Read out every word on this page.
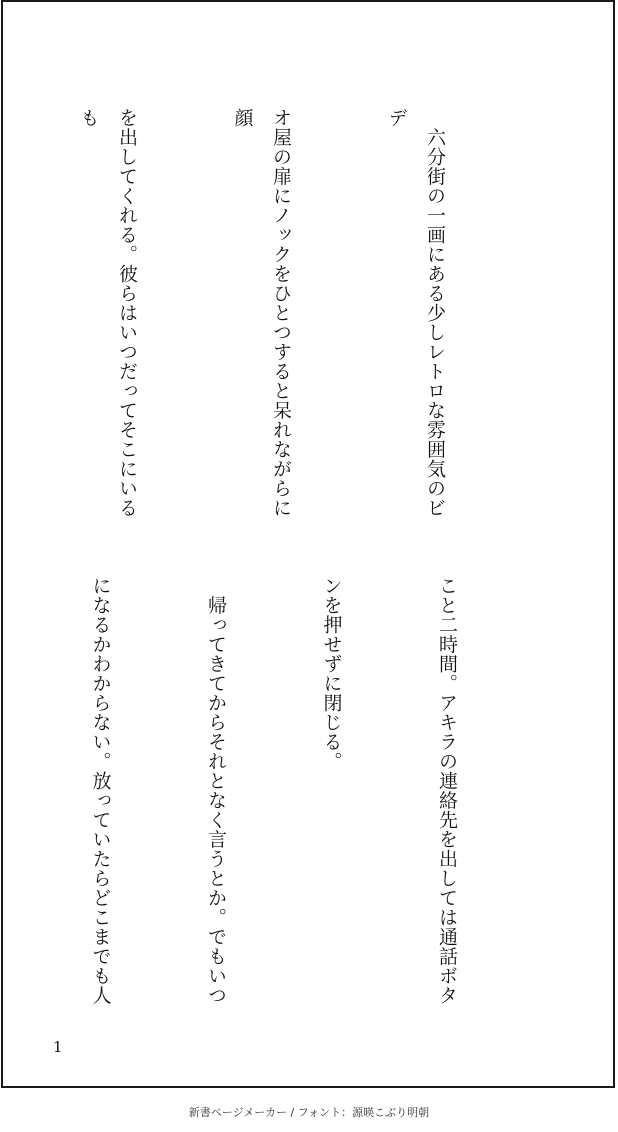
　六分街の一画にある少しレトロな雰囲気のビデ

オ屋の扉にノックをひとつすると呆れながらに顔

を出してくれる。彼らはいつだってそこにいるも

こと二時間。アキラの連絡先を出しては通話ボタ

ンを押せずに閉じる。

　帰ってきてからそれとなく言うとか。でもいつ

になるかわからない。放っていたらどこまでも人

1
新書ページメーカー / フォント：源暎こぶり明朝
